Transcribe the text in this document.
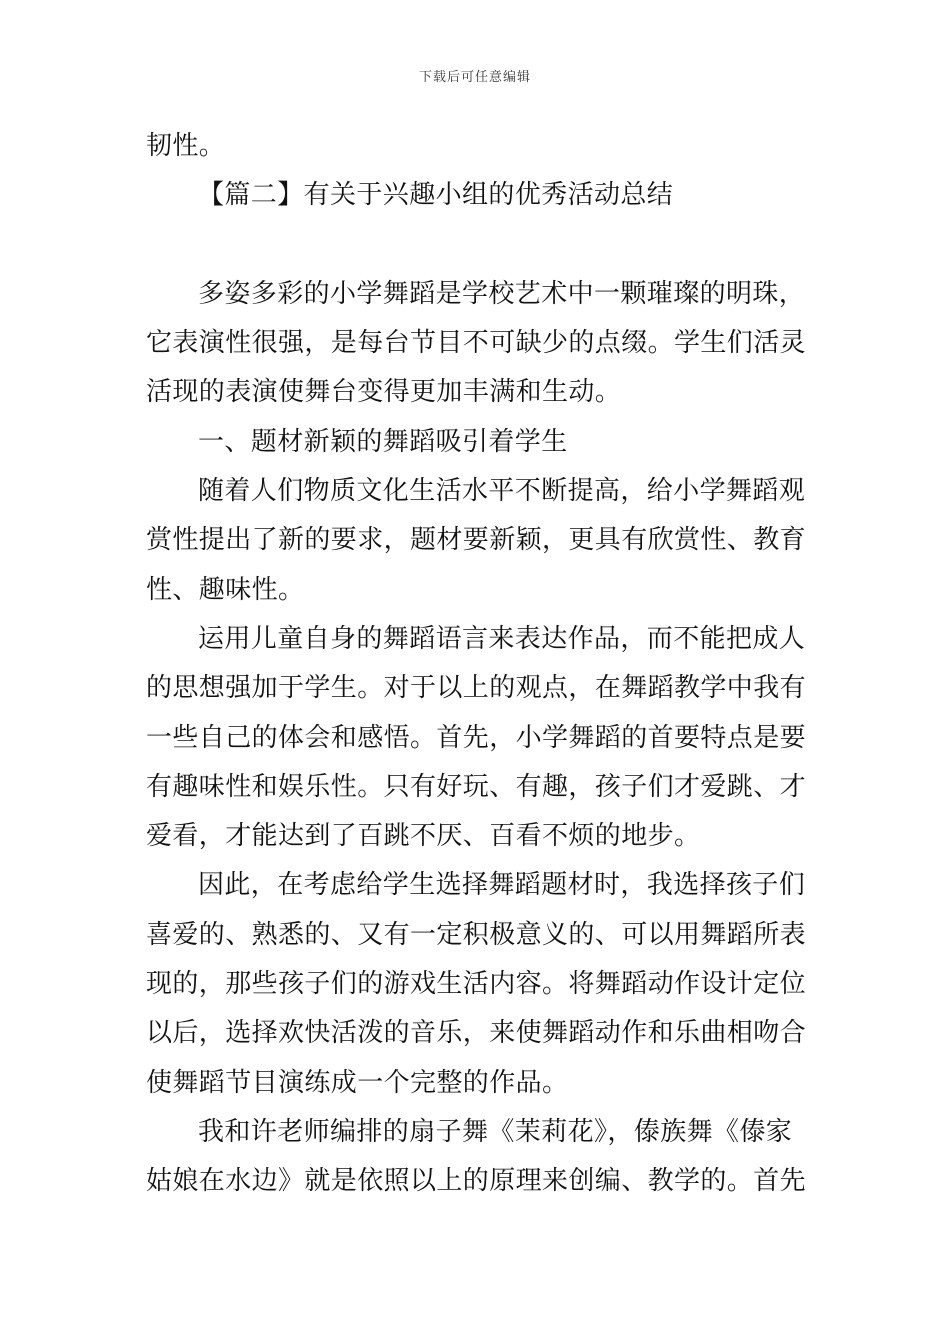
下载后可任意编辑
韧性。
【篇二】有关于兴趣小组的优秀活动总结
多姿多彩的小学舞蹈是学校艺术中一颗璀璨的明珠，
它表演性很强，是每台节目不可缺少的点缀。学生们活灵
活现的表演使舞台变得更加丰满和生动。
一、题材新颖的舞蹈吸引着学生
随着人们物质文化生活水平不断提高，给小学舞蹈观
赏性提出了新的要求，题材要新颖，更具有欣赏性、教育
性、趣味性。
运用儿童自身的舞蹈语言来表达作品，而不能把成人
的思想强加于学生。对于以上的观点，在舞蹈教学中我有
一些自己的体会和感悟。首先，小学舞蹈的首要特点是要
有趣味性和娱乐性。只有好玩、有趣，孩子们才爱跳、才
爱看，才能达到了百跳不厌、百看不烦的地步。
因此，在考虑给学生选择舞蹈题材时，我选择孩子们
喜爱的、熟悉的、又有一定积极意义的、可以用舞蹈所表
现的，那些孩子们的游戏生活内容。将舞蹈动作设计定位
以后，选择欢快活泼的音乐，来使舞蹈动作和乐曲相吻合
使舞蹈节目演练成一个完整的作品。
我和许老师编排的扇子舞《茉莉花》，傣族舞《傣家
姑娘在水边》就是依照以上的原理来创编、教学的。首先
